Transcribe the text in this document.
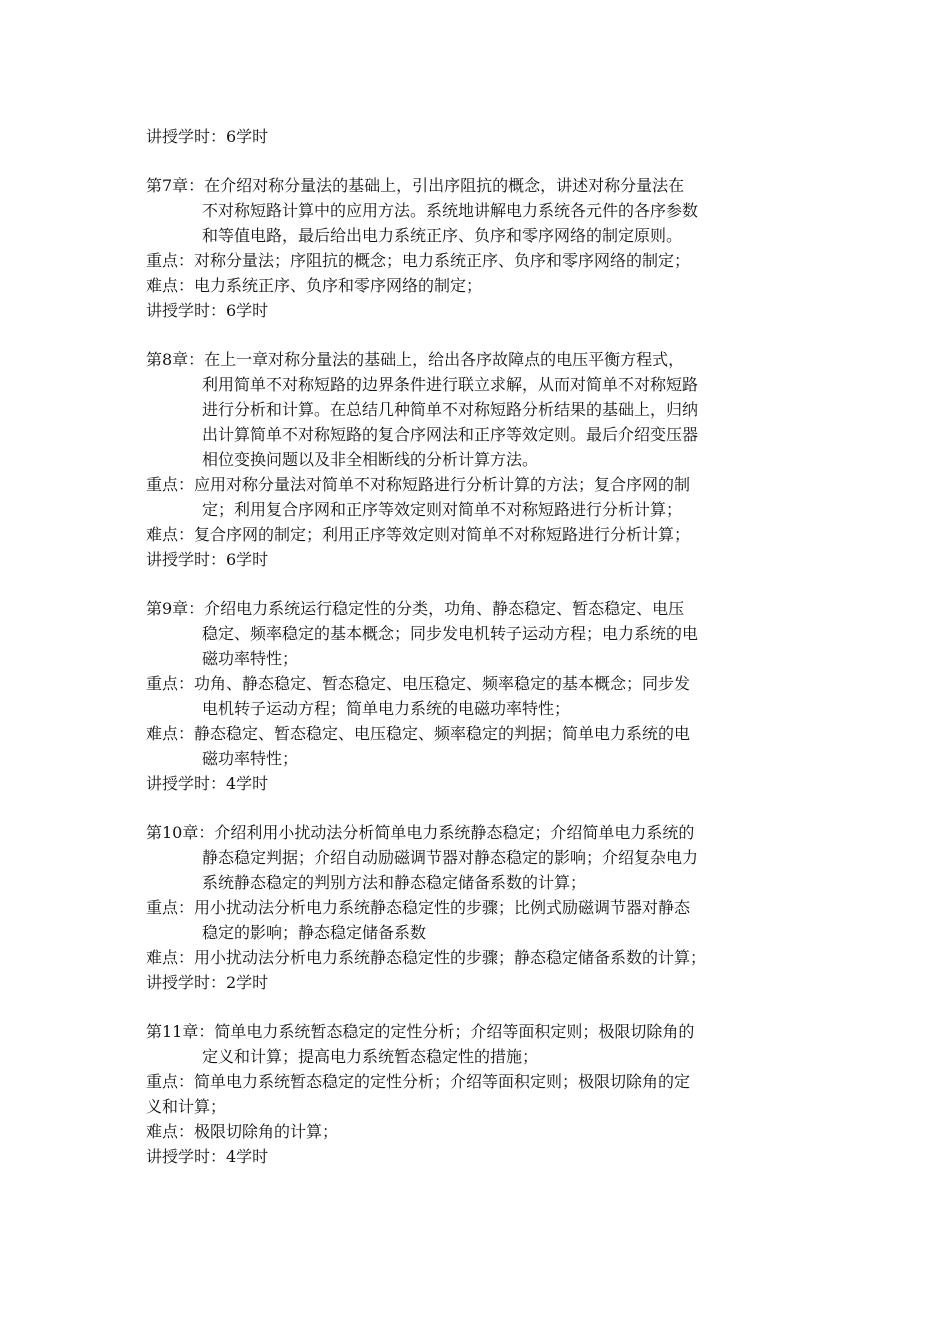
讲授学时：6学时
第7章：在介绍对称分量法的基础上，引出序阻抗的概念，讲述对称分量法在
不对称短路计算中的应用方法。系统地讲解电力系统各元件的各序参数
和等值电路，最后给出电力系统正序、负序和零序网络的制定原则。
重点：对称分量法；序阻抗的概念；电力系统正序、负序和零序网络的制定；
难点：电力系统正序、负序和零序网络的制定；
讲授学时：6学时
第8章：在上一章对称分量法的基础上，给出各序故障点的电压平衡方程式，
利用简单不对称短路的边界条件进行联立求解，从而对简单不对称短路
进行分析和计算。在总结几种简单不对称短路分析结果的基础上，归纳
出计算简单不对称短路的复合序网法和正序等效定则。最后介绍变压器
相位变换问题以及非全相断线的分析计算方法。
重点：应用对称分量法对简单不对称短路进行分析计算的方法；复合序网的制
定；利用复合序网和正序等效定则对简单不对称短路进行分析计算；
难点：复合序网的制定；利用正序等效定则对简单不对称短路进行分析计算；
讲授学时：6学时
第9章：介绍电力系统运行稳定性的分类，功角、静态稳定、暂态稳定、电压
稳定、频率稳定的基本概念；同步发电机转子运动方程；电力系统的电
磁功率特性；
重点：功角、静态稳定、暂态稳定、电压稳定、频率稳定的基本概念；同步发
电机转子运动方程；简单电力系统的电磁功率特性；
难点：静态稳定、暂态稳定、电压稳定、频率稳定的判据；简单电力系统的电
磁功率特性；
讲授学时：4学时
第10章：介绍利用小扰动法分析简单电力系统静态稳定；介绍简单电力系统的
静态稳定判据；介绍自动励磁调节器对静态稳定的影响；介绍复杂电力
系统静态稳定的判别方法和静态稳定储备系数的计算；
重点：用小扰动法分析电力系统静态稳定性的步骤；比例式励磁调节器对静态
稳定的影响；静态稳定储备系数
难点：用小扰动法分析电力系统静态稳定性的步骤；静态稳定储备系数的计算；
讲授学时：2学时
第11章：简单电力系统暂态稳定的定性分析；介绍等面积定则；极限切除角的
定义和计算；提高电力系统暂态稳定性的措施；
重点：简单电力系统暂态稳定的定性分析；介绍等面积定则；极限切除角的定
义和计算；
难点：极限切除角的计算；
讲授学时：4学时
